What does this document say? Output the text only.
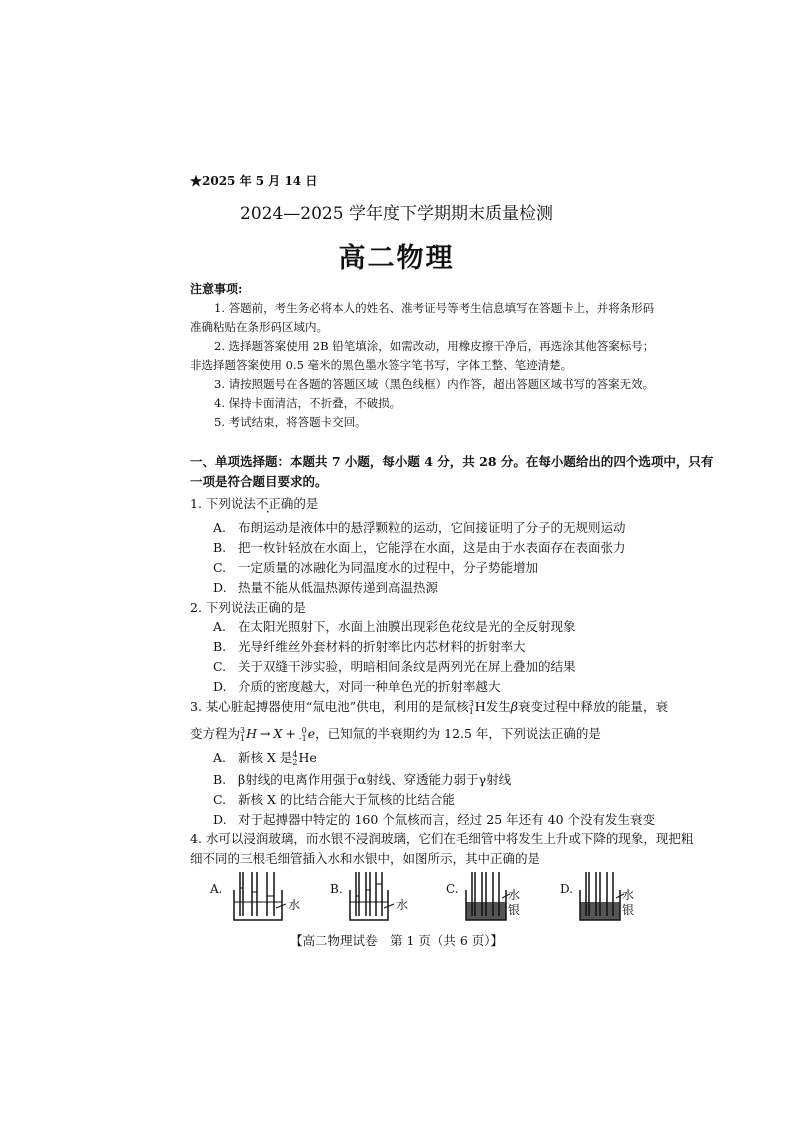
★2025 年 5 月 14 日
2024—2025 学年度下学期期末质量检测
高二物理
注意事项:
1. 答题前，考生务必将本人的姓名、准考证号等考生信息填写在答题卡上，并将条形码
准确粘贴在条形码区域内。
2. 选择题答案使用 2B 铅笔填涂，如需改动，用橡皮擦干净后，再选涂其他答案标号；
非选择题答案使用 0.5 毫米的黑色墨水签字笔书写，字体工整、笔迹清楚。
3. 请按照题号在各题的答题区域（黑色线框）内作答，超出答题区域书写的答案无效。
4. 保持卡面清洁，不折叠，不破损。
5. 考试结束，将答题卡交回。
一、单项选择题：本题共 7 小题，每小题 4 分，共 28 分。在每小题给出的四个选项中，只有
一项是符合题目要求的。
1. 下列说法不正确的是
A. 布朗运动是液体中的悬浮颗粒的运动，它间接证明了分子的无规则运动
B. 把一枚针轻放在水面上，它能浮在水面，这是由于水表面存在表面张力
C. 一定质量的冰融化为同温度水的过程中，分子势能增加
D. 热量不能从低温热源传递到高温热源
2. 下列说法正确的是
A. 在太阳光照射下，水面上油膜出现彩色花纹是光的全反射现象
B. 光导纤维丝外套材料的折射率比内芯材料的折射率大
C. 关于双缝干涉实验，明暗相间条纹是两列光在屏上叠加的结果
D. 介质的密度越大，对同一种单色光的折射率越大
3. 某心脏起搏器使用“氚电池”供电，利用的是氚核 3
1 H发生β衰变过程中释放的能量，衰
变方程为 3
1 H → X + 0
-1 e，已知氚的半衰期约为 12.5 年，下列说法正确的是
A. 新核 X 是 4
2 He
B. β射线的电离作用强于α射线、穿透能力弱于γ射线
C. 新核 X 的比结合能大于氚核的比结合能
D. 对于起搏器中特定的 160 个氚核而言，经过 25 年还有 40 个没有发生衰变
4. 水可以浸润玻璃，而水银不浸润玻璃，它们在毛细管中将发生上升或下降的现象，现把粗
细不同的三根毛细管插入水和水银中，如图所示，其中正确的是
A.
水
B.
水
C.	水
银
D.	水
银
【高二物理试卷　第 1 页（共 6 页）】
